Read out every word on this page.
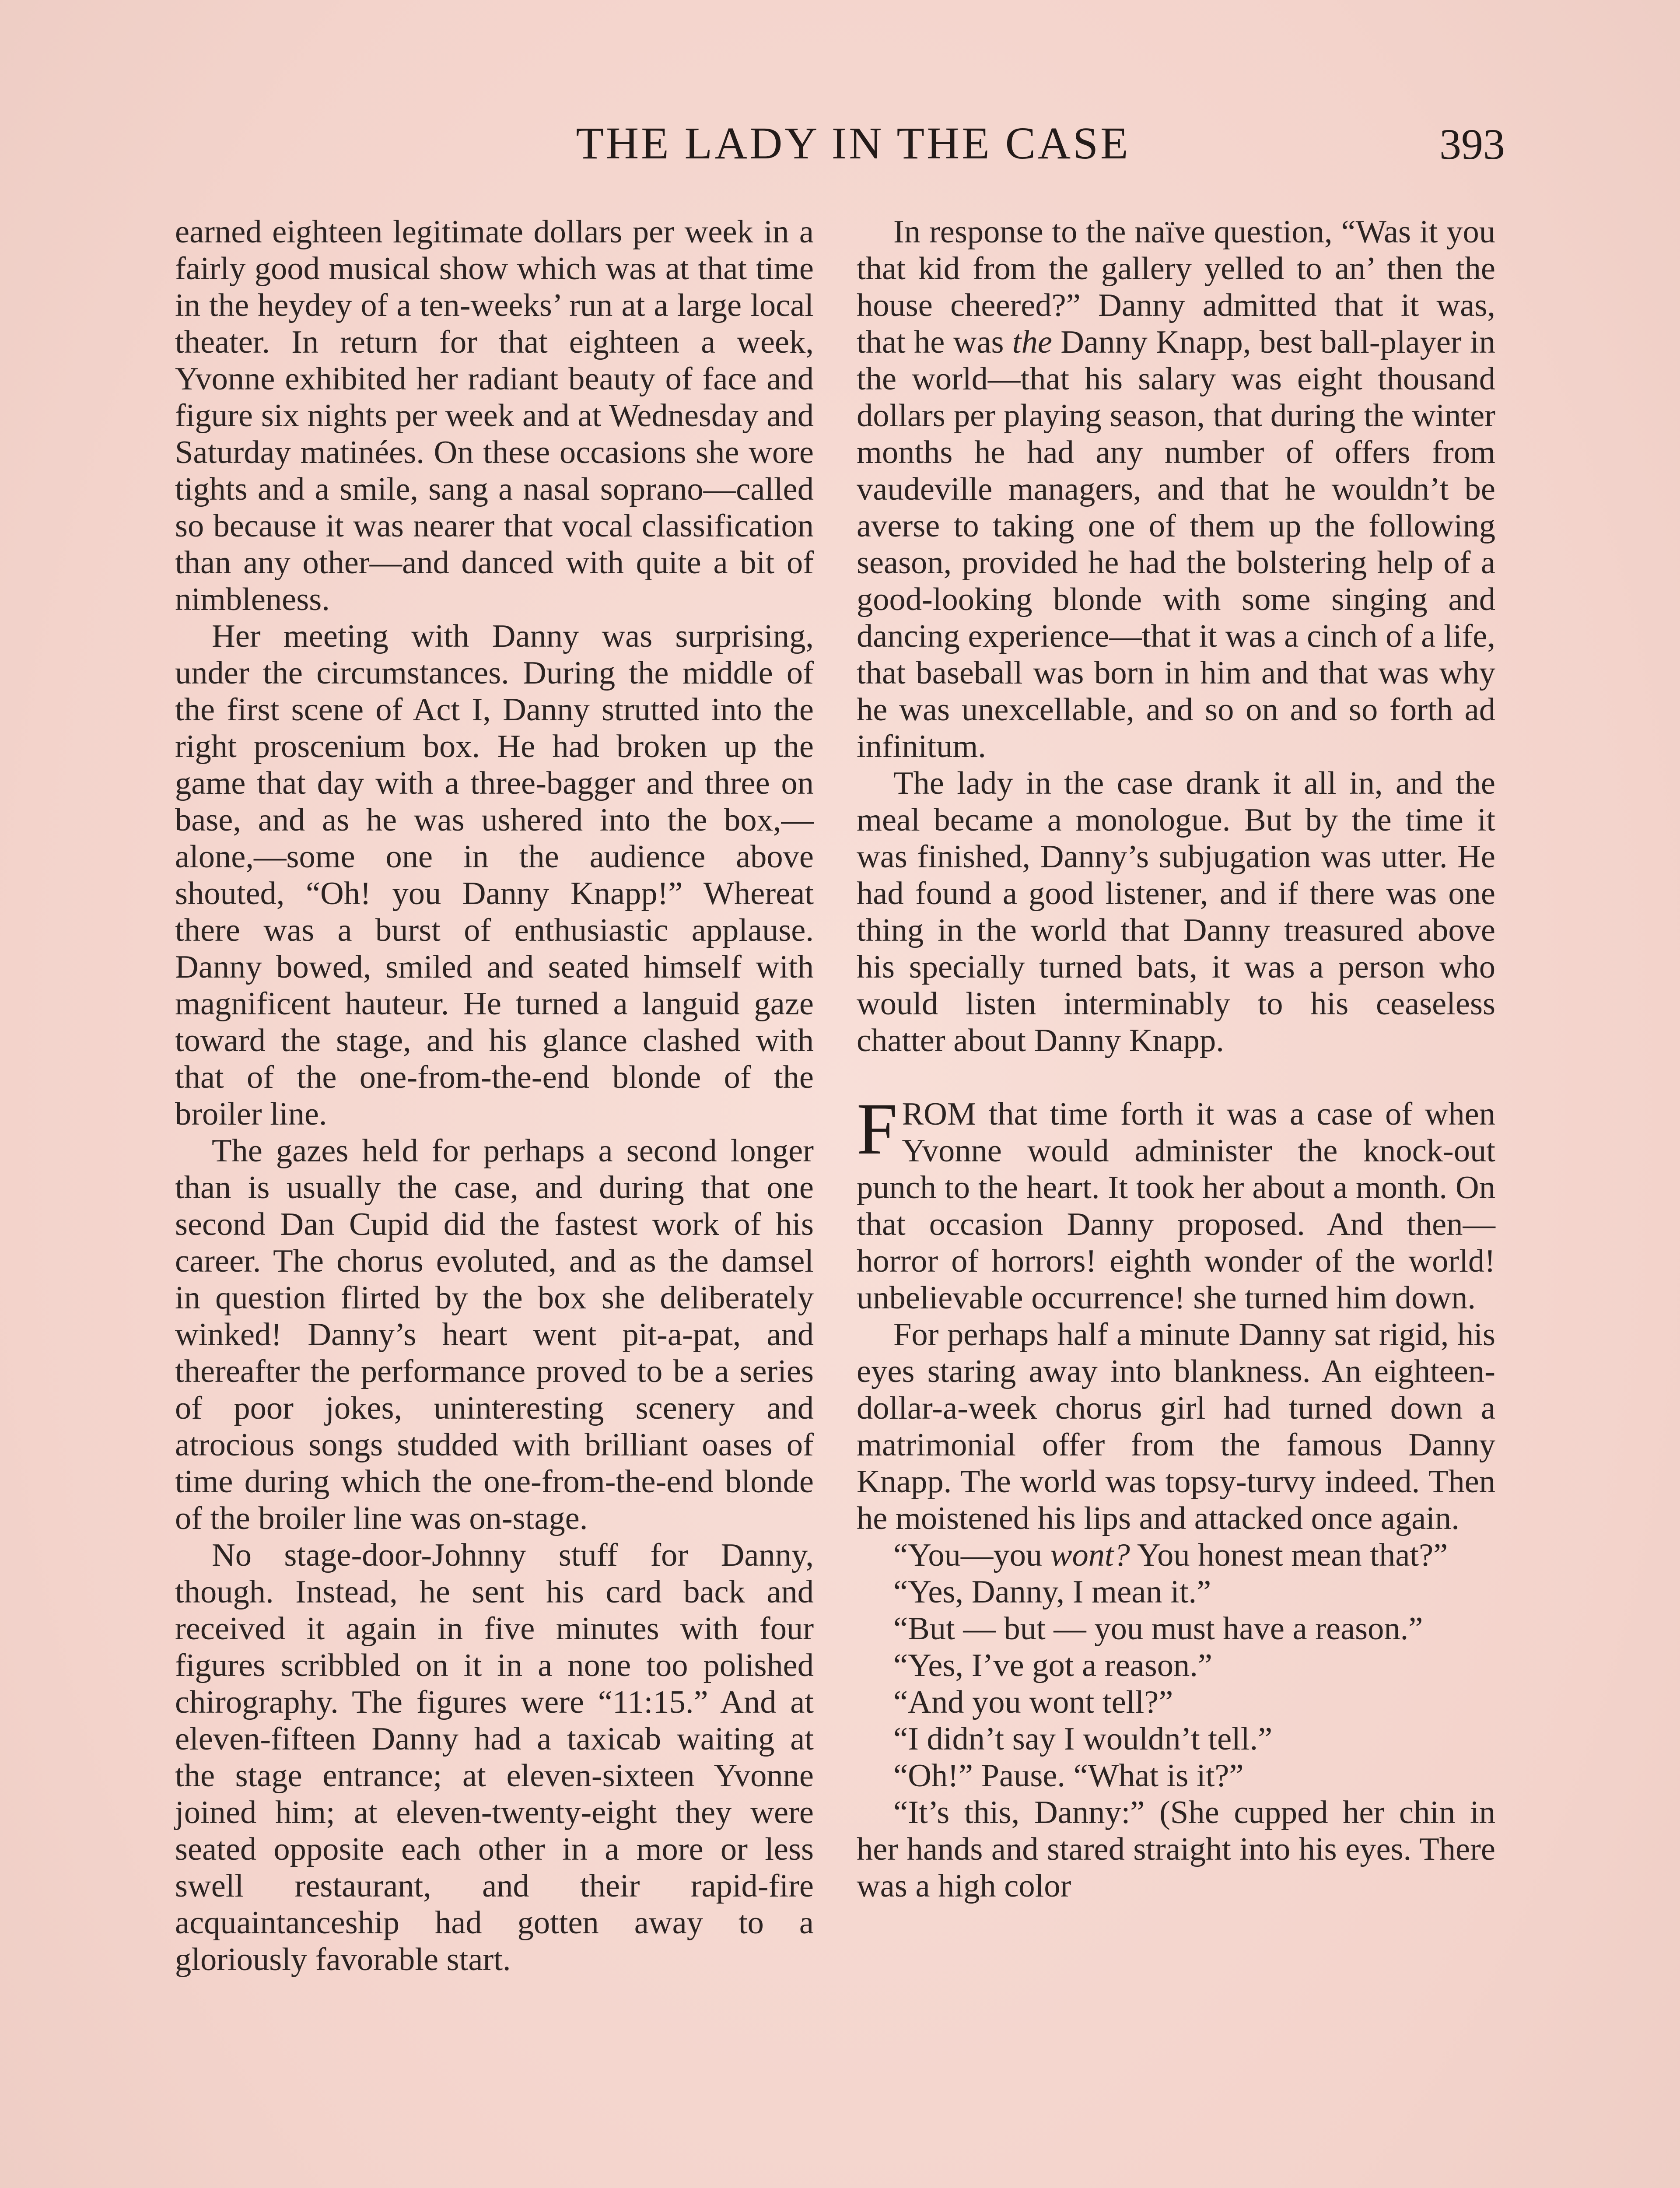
THE LADY IN THE CASE	393

earned eighteen legitimate dollars per week in a fairly good musical show which was at that time in the heydey of a ten-weeks’ run at a large local theater. In return for that eighteen a week, Yvonne exhibited her radiant beauty of face and figure six nights per week and at Wednesday and Saturday matinées. On these occasions she wore tights and a smile, sang a nasal soprano—called so because it was nearer that vocal classification than any other—and danced with quite a bit of nimbleness.

Her meeting with Danny was surprising, under the circumstances. During the middle of the first scene of Act I, Danny strutted into the right proscenium box. He had broken up the game that day with a three-bagger and three on base, and as he was ushered into the box,—alone,—some one in the audience above shouted, “Oh! you Danny Knapp!” Whereat there was a burst of enthusiastic applause. Danny bowed, smiled and seated himself with magnificent hauteur. He turned a languid gaze toward the stage, and his glance clashed with that of the one-from-the-end blonde of the broiler line.

The gazes held for perhaps a second longer than is usually the case, and during that one second Dan Cupid did the fastest work of his career. The chorus evoluted, and as the damsel in question flirted by the box she deliberately winked! Danny’s heart went pit-a-pat, and thereafter the performance proved to be a series of poor jokes, uninteresting scenery and atrocious songs studded with brilliant oases of time during which the one-from-the-end blonde of the broiler line was on-stage.

No stage-door-Johnny stuff for Danny, though. Instead, he sent his card back and received it again in five minutes with four figures scribbled on it in a none too polished chirography. The figures were “11:15.” And at eleven-fifteen Danny had a taxicab waiting at the stage entrance; at eleven-sixteen Yvonne joined him; at eleven-twenty-eight they were seated opposite each other in a more or less swell restaurant, and their rapid-fire acquaintanceship had gotten away to a gloriously favorable start.

In response to the naïve question, “Was it you that kid from the gallery yelled to an’ then the house cheered?” Danny admitted that it was, that he was the Danny Knapp, best ball-player in the world—that his salary was eight thousand dollars per playing season, that during the winter months he had any number of offers from vaudeville managers, and that he wouldn’t be averse to taking one of them up the following season, provided he had the bolstering help of a good-looking blonde with some singing and dancing experience—that it was a cinch of a life, that baseball was born in him and that was why he was unexcellable, and so on and so forth ad infinitum.

The lady in the case drank it all in, and the meal became a monologue. But by the time it was finished, Danny’s subjugation was utter. He had found a good listener, and if there was one thing in the world that Danny treasured above his specially turned bats, it was a person who would listen interminably to his ceaseless chatter about Danny Knapp.

FROM that time forth it was a case of when Yvonne would administer the knock-out punch to the heart. It took her about a month. On that occasion Danny proposed. And then—horror of horrors! eighth wonder of the world! unbelievable occurrence! she turned him down.

For perhaps half a minute Danny sat rigid, his eyes staring away into blankness. An eighteen-dollar-a-week chorus girl had turned down a matrimonial offer from the famous Danny Knapp. The world was topsy-turvy indeed. Then he moistened his lips and attacked once again.

“You—you wont? You honest mean that?”

“Yes, Danny, I mean it.”

“But — but — you must have a reason.”

“Yes, I’ve got a reason.”

“And you wont tell?”

“I didn’t say I wouldn’t tell.”

“Oh!” Pause. “What is it?”

“It’s this, Danny:” (She cupped her chin in her hands and stared straight into his eyes. There was a high color
